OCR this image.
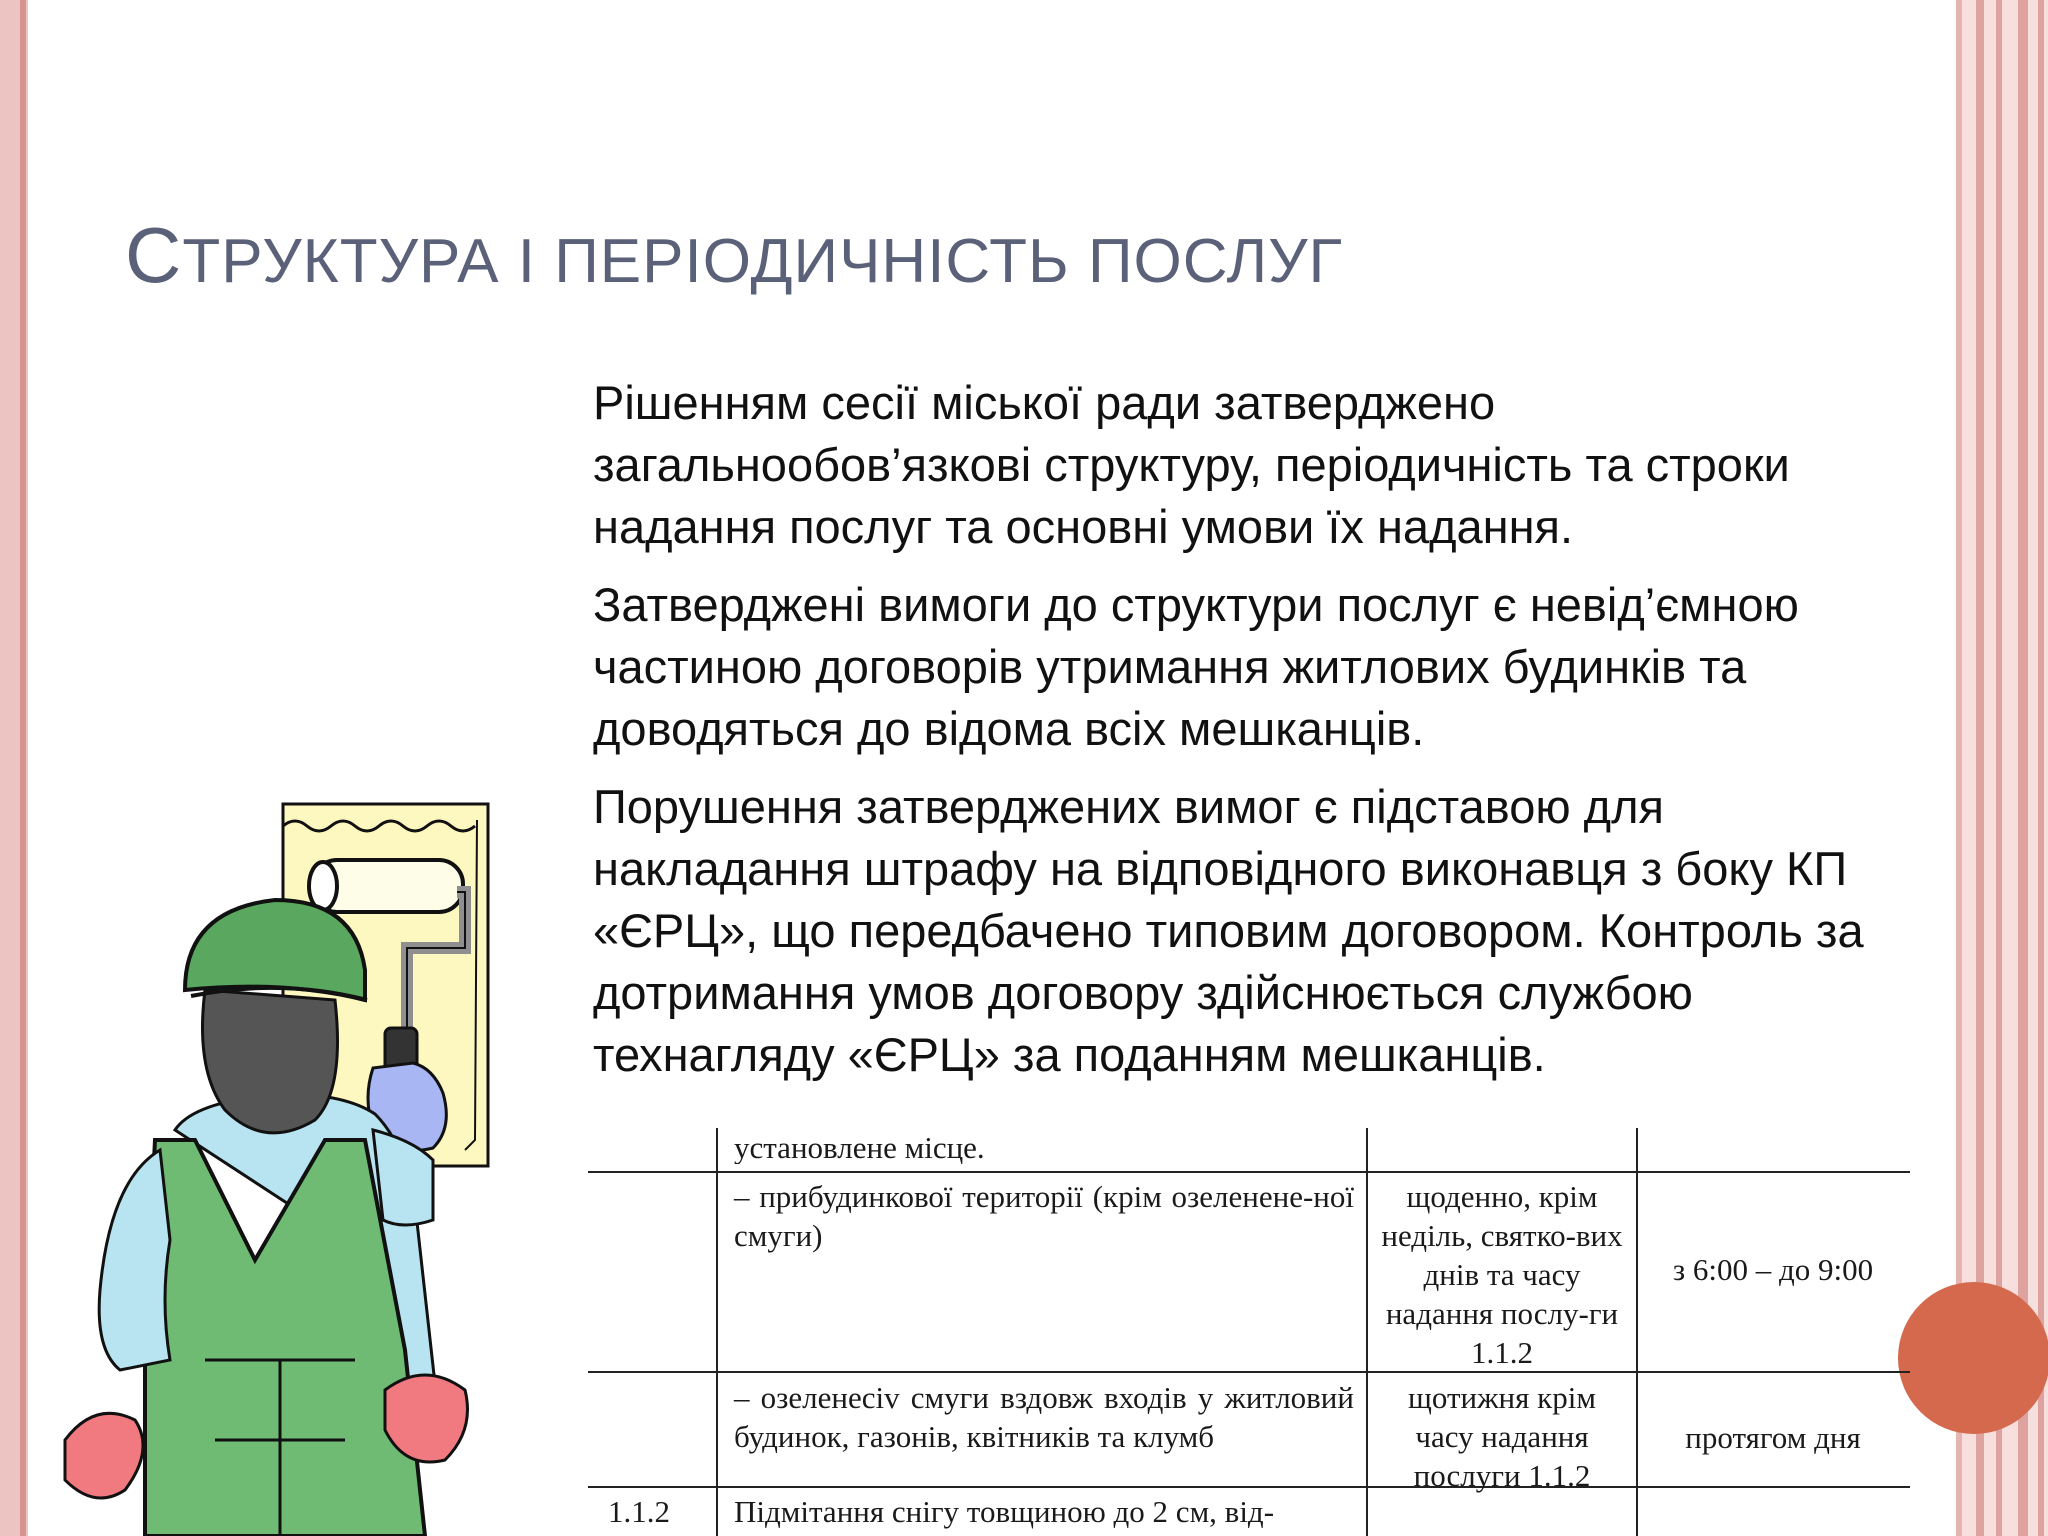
СТРУКТУРА І ПЕРІОДИЧНІСТЬ ПОСЛУГ

Рішенням сесії міської ради затверджено загальнообов’язкові структуру, періодичність та строки надання послуг та основні умови їх надання.

Затверджені вимоги до структури послуг є невід’ємною частиною договорів утримання житлових будинків та доводяться до відома всіх мешканців.

Порушення затверджених вимог є підставою для накладання штрафу на відповідного виконавця з боку КП «ЄРЦ», що передбачено типовим договором. Контроль за дотримання умов договору здійснюється службою технагляду «ЄРЦ» за поданням мешканців.

установлене місце.
– прибудинкової території (крім озеленене-ної смуги)
щоденно, крім неділь, святко-вих днів та часу надання послу-ги 1.1.2
з 6:00 – до 9:00
– озеленеciv смуги вздовж входів у житловий будинок, газонів, квітників та клумб
щотижня крім часу надання послуги 1.1.2
протягом дня
1.1.2	Підмітання снігу товщиною до 2 см, від-
